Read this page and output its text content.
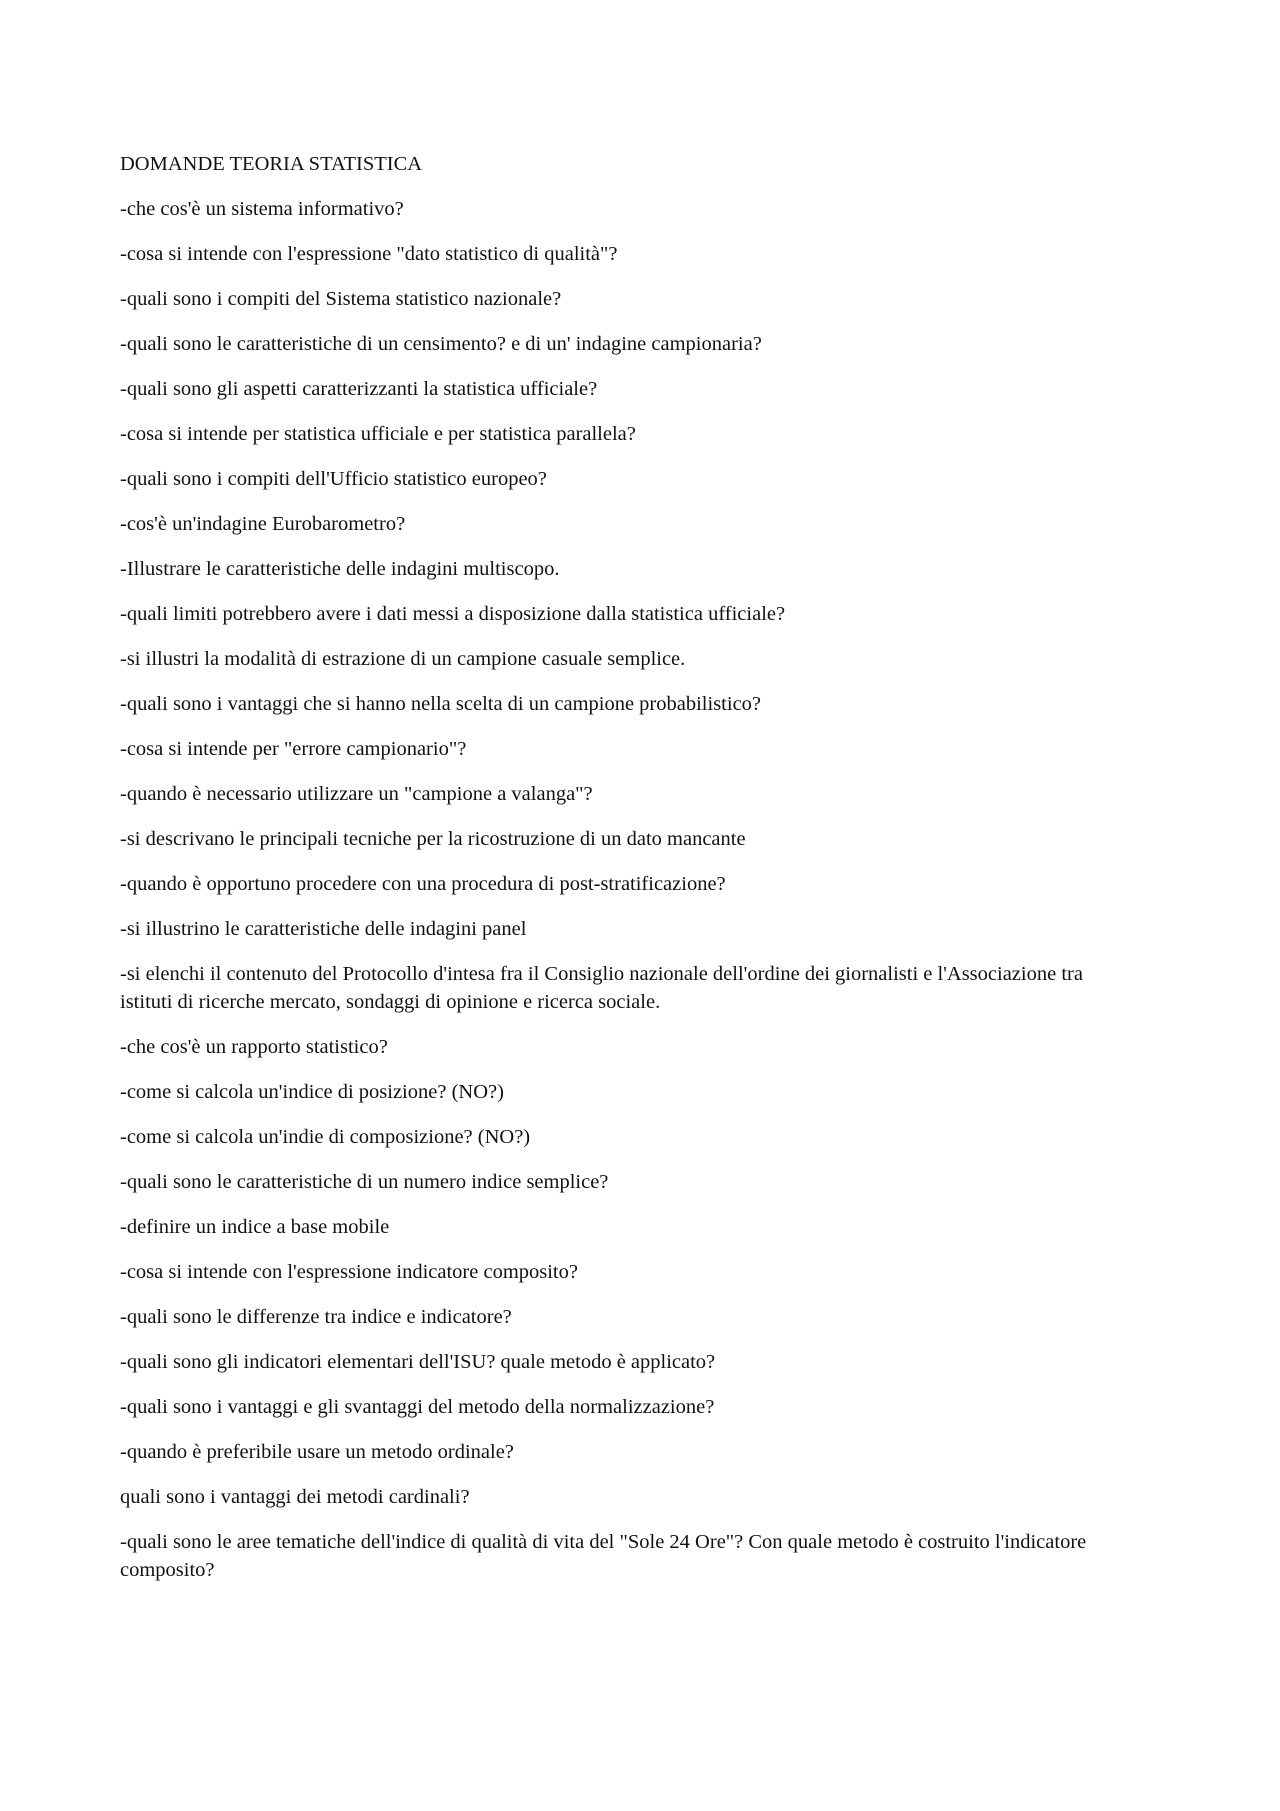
DOMANDE TEORIA STATISTICA
-che cos'è un sistema informativo?
-cosa si intende con l'espressione "dato statistico di qualità"?
-quali sono i compiti del Sistema statistico nazionale?
-quali sono le caratteristiche di un censimento? e di un' indagine campionaria?
-quali sono gli aspetti caratterizzanti la statistica ufficiale?
-cosa si intende per statistica ufficiale e per statistica parallela?
-quali sono i compiti dell'Ufficio statistico europeo?
-cos'è un'indagine Eurobarometro?
-Illustrare le caratteristiche delle indagini multiscopo.
-quali limiti potrebbero avere i dati messi a disposizione dalla statistica ufficiale?
-si illustri la modalità di estrazione di un campione casuale semplice.
-quali sono i vantaggi che si hanno nella scelta di un campione probabilistico?
-cosa si intende per "errore campionario"?
-quando è necessario utilizzare un "campione a valanga"?
-si descrivano le principali tecniche per la ricostruzione di un dato mancante
-quando è opportuno procedere con una procedura di post-stratificazione?
-si illustrino le caratteristiche delle indagini panel
-si elenchi il contenuto del Protocollo d'intesa fra il Consiglio nazionale dell'ordine dei giornalisti e l'Associazione tra istituti di ricerche mercato, sondaggi di opinione e ricerca sociale.
-che cos'è un rapporto statistico?
-come si calcola un'indice di posizione? (NO?)
-come si calcola un'indie di composizione? (NO?)
-quali sono le caratteristiche di un numero indice semplice?
-definire un indice a base mobile
-cosa si intende con l'espressione indicatore composito?
-quali sono le differenze tra indice e indicatore?
-quali sono gli indicatori elementari dell'ISU? quale metodo è applicato?
-quali sono i vantaggi e gli svantaggi del metodo della normalizzazione?
-quando è preferibile usare un metodo ordinale?
quali sono i vantaggi dei metodi cardinali?
-quali sono le aree tematiche dell'indice di qualità di vita del "Sole 24 Ore"? Con quale metodo è costruito l'indicatore composito?
